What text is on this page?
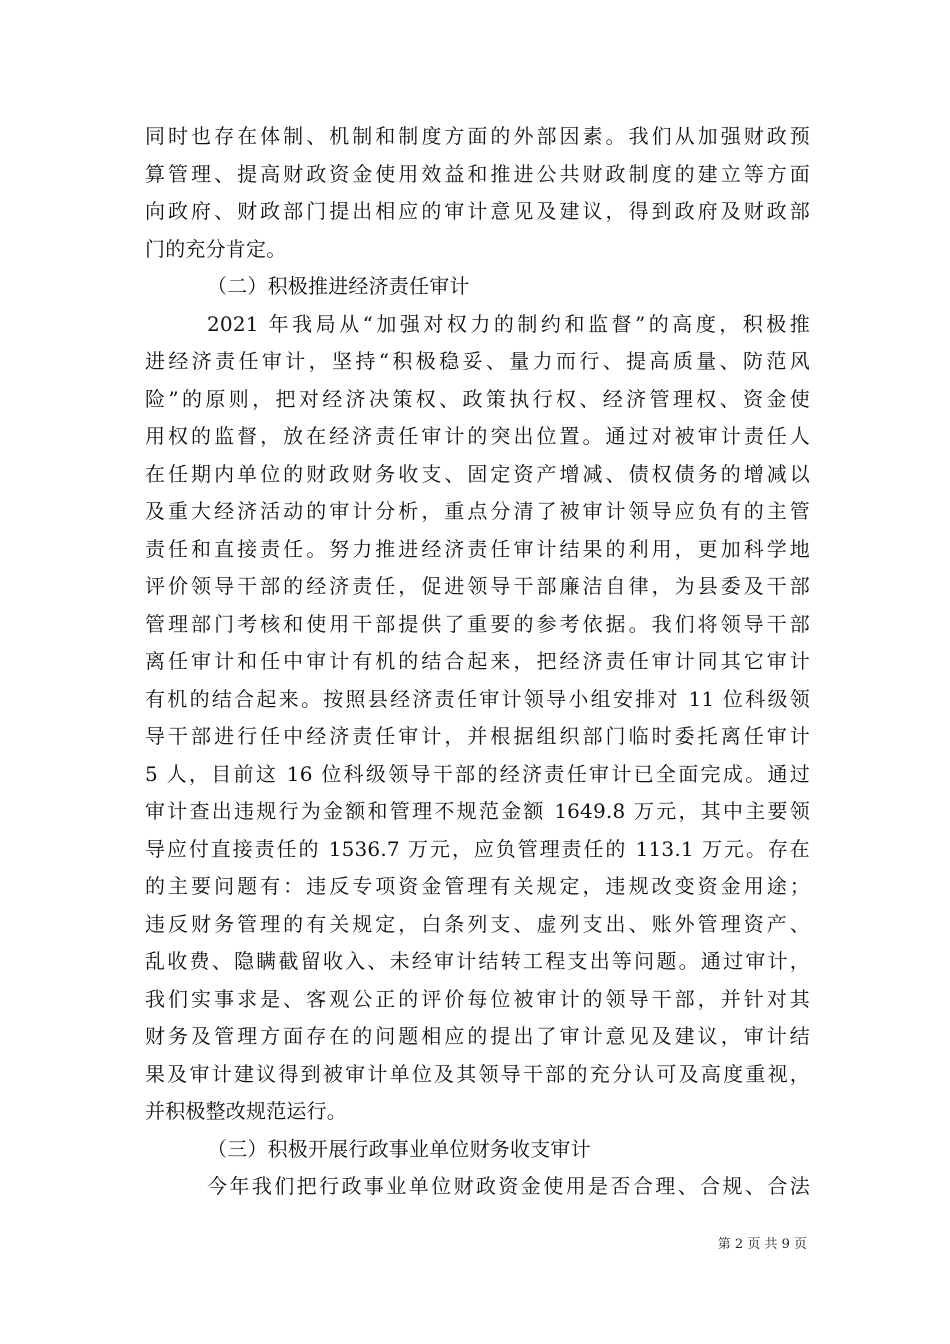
同时也存在体制、机制和制度方面的外部因素。我们从加强财政预
算管理、提高财政资金使用效益和推进公共财政制度的建立等方面
向政府、财政部门提出相应的审计意见及建议，得到政府及财政部
门的充分肯定。
（二）积极推进经济责任审计
2021 年我局从“加强对权力的制约和监督”的高度，积极推
进经济责任审计，坚持“积极稳妥、量力而行、提高质量、防范风
险”的原则，把对经济决策权、政策执行权、经济管理权、资金使
用权的监督，放在经济责任审计的突出位置。通过对被审计责任人
在任期内单位的财政财务收支、固定资产增减、债权债务的增减以
及重大经济活动的审计分析，重点分清了被审计领导应负有的主管
责任和直接责任。努力推进经济责任审计结果的利用，更加科学地
评价领导干部的经济责任，促进领导干部廉洁自律，为县委及干部
管理部门考核和使用干部提供了重要的参考依据。我们将领导干部
离任审计和任中审计有机的结合起来，把经济责任审计同其它审计
有机的结合起来。按照县经济责任审计领导小组安排对 11 位科级领
导干部进行任中经济责任审计，并根据组织部门临时委托离任审计
5 人，目前这 16 位科级领导干部的经济责任审计已全面完成。通过
审计查出违规行为金额和管理不规范金额 1649.8 万元，其中主要领
导应付直接责任的 1536.7 万元，应负管理责任的 113.1 万元。存在
的主要问题有：违反专项资金管理有关规定，违规改变资金用途；
违反财务管理的有关规定，白条列支、虚列支出、账外管理资产、
乱收费、隐瞒截留收入、未经审计结转工程支出等问题。通过审计，
我们实事求是、客观公正的评价每位被审计的领导干部，并针对其
财务及管理方面存在的问题相应的提出了审计意见及建议，审计结
果及审计建议得到被审计单位及其领导干部的充分认可及高度重视，
并积极整改规范运行。
（三）积极开展行政事业单位财务收支审计
今年我们把行政事业单位财政资金使用是否合理、合规、合法
第 2 页 共 9 页
